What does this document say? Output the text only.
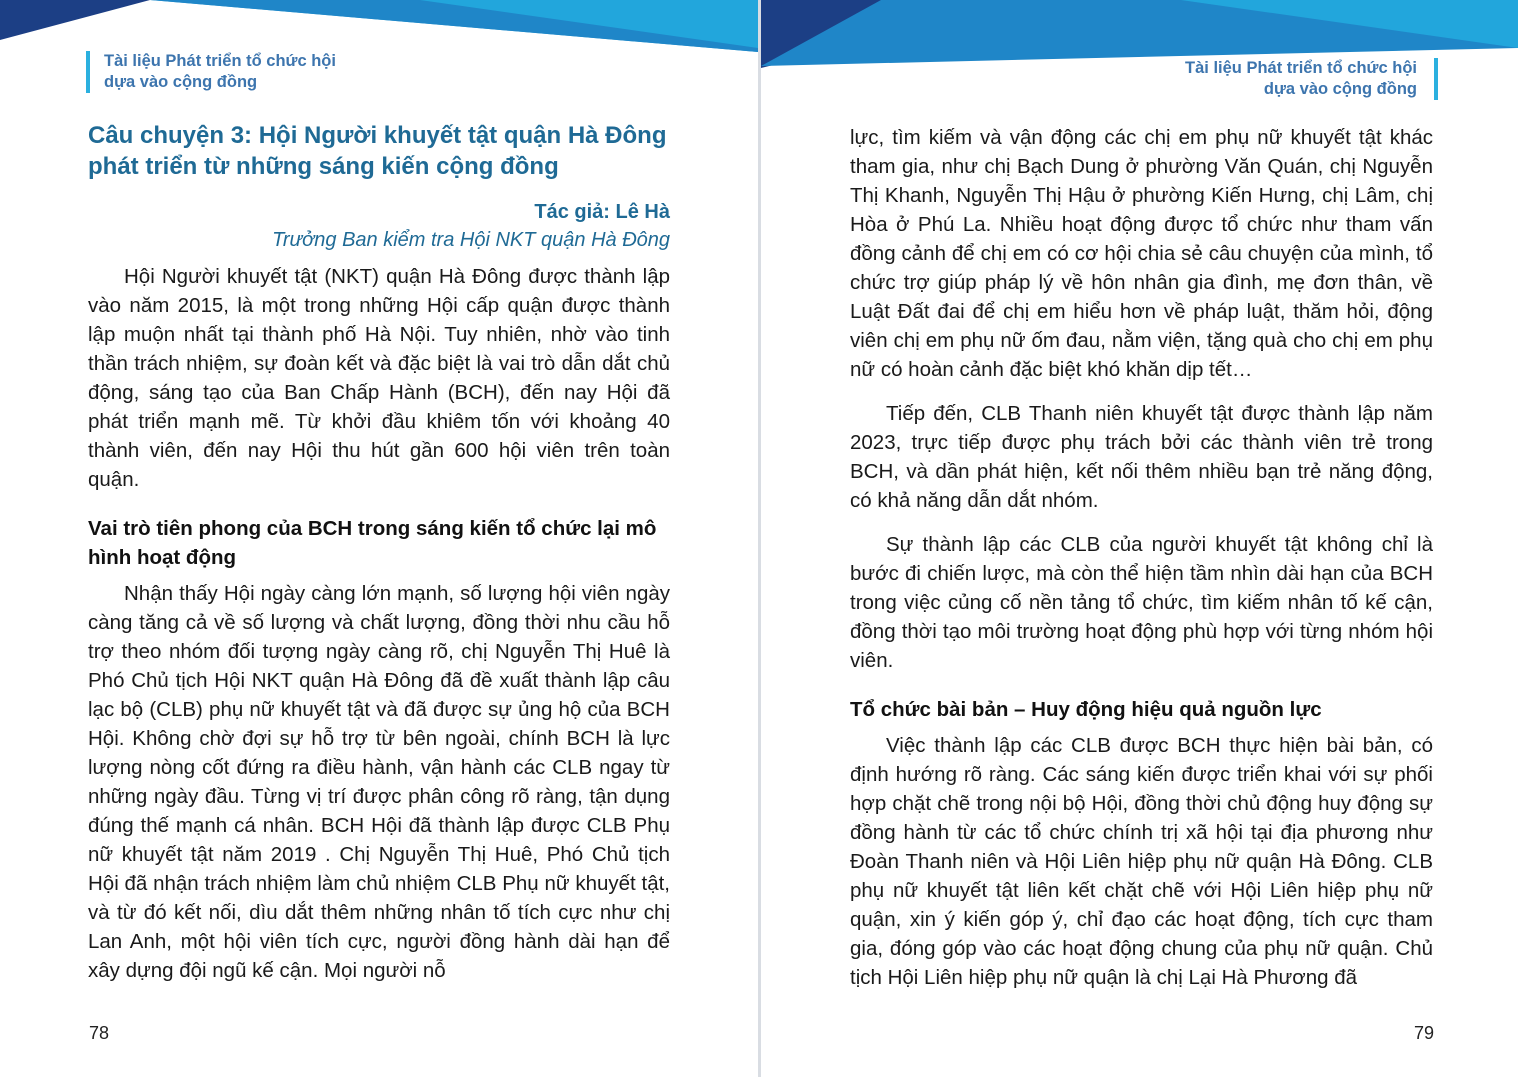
Tài liệu Phát triển tổ chức hội
dựa vào cộng đồng
Câu chuyện 3: Hội Người khuyết tật quận Hà Đông phát triển từ những sáng kiến cộng đồng
Tác giả: Lê Hà
Trưởng Ban kiểm tra Hội NKT quận Hà Đông

Hội Người khuyết tật (NKT) quận Hà Đông được thành lập vào năm 2015, là một trong những Hội cấp quận được thành lập muộn nhất tại thành phố Hà Nội. Tuy nhiên, nhờ vào tinh thần trách nhiệm, sự đoàn kết và đặc biệt là vai trò dẫn dắt chủ động, sáng tạo của Ban Chấp Hành (BCH), đến nay Hội đã phát triển mạnh mẽ. Từ khởi đầu khiêm tốn với khoảng 40 thành viên, đến nay Hội thu hút gần 600 hội viên trên toàn quận.

Vai trò tiên phong của BCH trong sáng kiến tổ chức lại mô hình hoạt động

Nhận thấy Hội ngày càng lớn mạnh, số lượng hội viên ngày càng tăng cả về số lượng và chất lượng, đồng thời nhu cầu hỗ trợ theo nhóm đối tượng ngày càng rõ, chị Nguyễn Thị Huê là Phó Chủ tịch Hội NKT quận Hà Đông đã đề xuất thành lập câu lạc bộ (CLB) phụ nữ khuyết tật và đã được sự ủng hộ của BCH Hội. Không chờ đợi sự hỗ trợ từ bên ngoài, chính BCH là lực lượng nòng cốt đứng ra điều hành, vận hành các CLB ngay từ những ngày đầu. Từng vị trí được phân công rõ ràng, tận dụng đúng thế mạnh cá nhân. BCH Hội đã thành lập được CLB Phụ nữ khuyết tật năm 2019 . Chị Nguyễn Thị Huê, Phó Chủ tịch Hội đã nhận trách nhiệm làm chủ nhiệm CLB Phụ nữ khuyết tật, và từ đó kết nối, dìu dắt thêm những nhân tố tích cực như chị Lan Anh, một hội viên tích cực, người đồng hành dài hạn để xây dựng đội ngũ kế cận. Mọi người nỗ

78
Tài liệu Phát triển tổ chức hội
dựa vào cộng đồng

lực, tìm kiếm và vận động các chị em phụ nữ khuyết tật khác tham gia, như chị Bạch Dung ở phường Văn Quán, chị Nguyễn Thị Khanh, Nguyễn Thị Hậu ở phường Kiến Hưng, chị Lâm, chị Hòa ở Phú La. Nhiều hoạt động được tổ chức như tham vấn đồng cảnh để chị em có cơ hội chia sẻ câu chuyện của mình, tổ chức trợ giúp pháp lý về hôn nhân gia đình, mẹ đơn thân, về Luật Đất đai để chị em hiểu hơn về pháp luật, thăm hỏi, động viên chị em phụ nữ ốm đau, nằm viện, tặng quà cho chị em phụ nữ có hoàn cảnh đặc biệt khó khăn dịp tết…

Tiếp đến, CLB Thanh niên khuyết tật được thành lập năm 2023, trực tiếp được phụ trách bởi các thành viên trẻ trong BCH, và dần phát hiện, kết nối thêm nhiều bạn trẻ năng động, có khả năng dẫn dắt nhóm.

Sự thành lập các CLB của người khuyết tật không chỉ là bước đi chiến lược, mà còn thể hiện tầm nhìn dài hạn của BCH trong việc củng cố nền tảng tổ chức, tìm kiếm nhân tố kế cận, đồng thời tạo môi trường hoạt động phù hợp với từng nhóm hội viên.

Tổ chức bài bản – Huy động hiệu quả nguồn lực

Việc thành lập các CLB được BCH thực hiện bài bản, có định hướng rõ ràng. Các sáng kiến được triển khai với sự phối hợp chặt chẽ trong nội bộ Hội, đồng thời chủ động huy động sự đồng hành từ các tổ chức chính trị xã hội tại địa phương như Đoàn Thanh niên và Hội Liên hiệp phụ nữ quận Hà Đông. CLB phụ nữ khuyết tật liên kết chặt chẽ với Hội Liên hiệp phụ nữ quận, xin ý kiến góp ý, chỉ đạo các hoạt động, tích cực tham gia, đóng góp vào các hoạt động chung của phụ nữ quận. Chủ tịch Hội Liên hiệp phụ nữ quận là chị Lại Hà Phương đã

79
